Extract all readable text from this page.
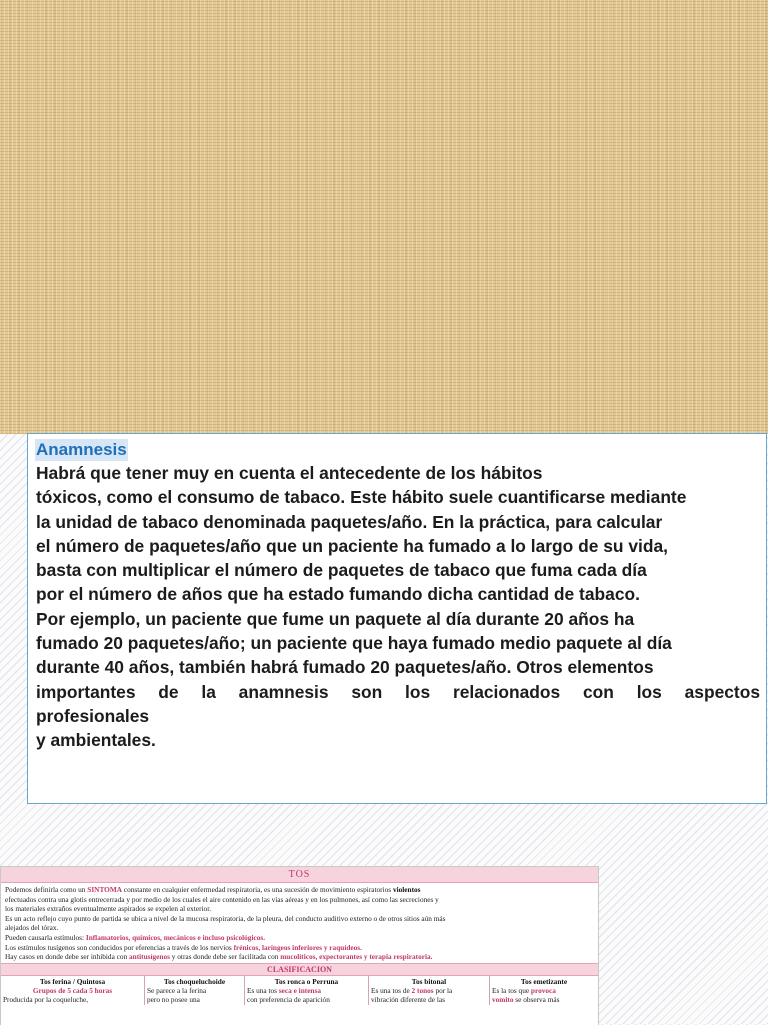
Anamnesis
Habrá que tener muy en cuenta el antecedente de los hábitos
tóxicos, como el consumo de tabaco. Este hábito suele cuantificarse mediante
la unidad de tabaco denominada paquetes/año. En la práctica, para calcular
el número de paquetes/año que un paciente ha fumado a lo largo de su vida,
basta con multiplicar el número de paquetes de tabaco que fuma cada día
por el número de años que ha estado fumando dicha cantidad de tabaco.
Por ejemplo, un paciente que fume un paquete al día durante 20 años ha
fumado 20 paquetes/año; un paciente que haya fumado medio paquete al día
durante 40 años, también habrá fumado 20 paquetes/año. Otros elementos
importantes de la anamnesis son los relacionados con los aspectos
profesionales
y ambientales.
TOS

Podemos definirla como un SINTOMA constante en cualquier enfermedad respiratoria, es una sucesión de movimiento espiratorios violentos

efectuados contra una glotis entrecerrada y por medio de los cuales el aire contenido en las vías aéreas y en los pulmones, así como las secreciones y

los materiales extraños eventualmente aspirados se expelen al exterior.

Es un acto reflejo cuyo punto de partida se ubica a nivel de la mucosa respiratoria, de la pleura, del conducto auditivo externo o de otros sitios aún más

alejados del tórax.

Pueden causarla estímulos: Inflamatorios, químicos, mecánicos e incluso psicológicos.

Los estímulos tusígenos son conducidos por eferencias a través de los nervios frénicos, laríngeos inferiores y raquídeos.

Hay casos en donde debe ser inhibida con antitusígenos y otras donde debe ser facilitada con mucolíticos, expectorantes y terapia respiratoria.

CLASIFICACION
Tos ferina / Quintosa
Grupos de 5 cada 5 horas
Producida por la coqueluche,
Tos choqueluchoide
Se parece a la ferina
pero no posee una
Tos ronca o Perruna
Es una tos seca e intensa
con preferencia de aparición
Tos bitonal
Es una tos de 2 tonos por la
vibración diferente de las
Tos emetizante
Es la tos que provoca
vomito se observa más
